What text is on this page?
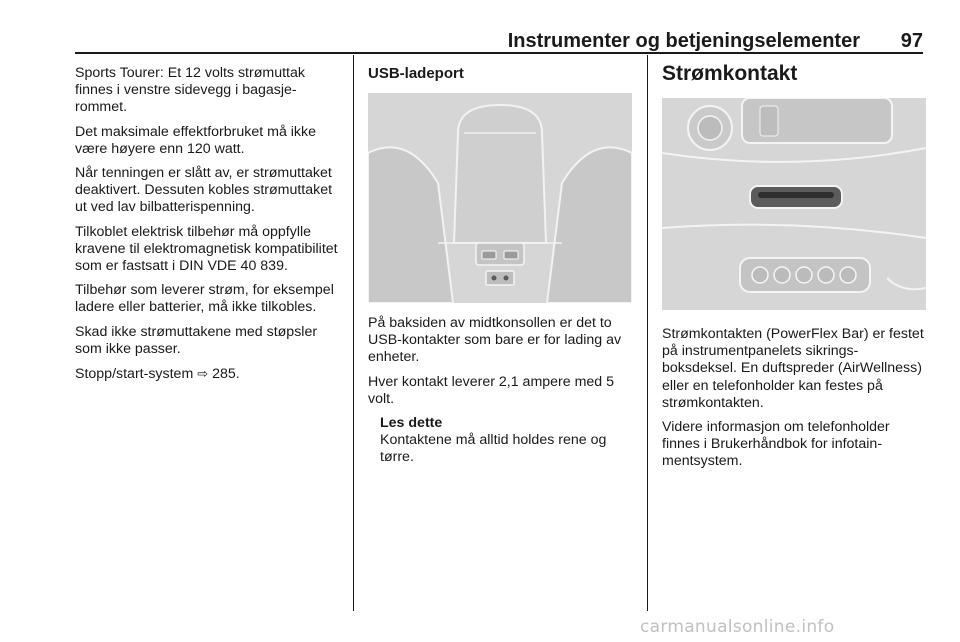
Instrumenter og betjeningselementer	97

Sports Tourer: Et 12 volts strømuttak finnes i venstre sidevegg i bagasjerommet.

Det maksimale effektforbruket må ikke være høyere enn 120 watt.

Når tenningen er slått av, er strømuttaket deaktivert. Dessuten kobles strømuttaket ut ved lav bilbatterispenning.

Tilkoblet elektrisk tilbehør må oppfylle kravene til elektromagnetisk kompatibilitet som er fastsatt i DIN VDE 40 839.

Tilbehør som leverer strøm, for eksempel ladere eller batterier, må ikke tilkobles.

Skad ikke strømuttakene med støpsler som ikke passer.

Stopp/start-system ⇨ 285.

USB-ladeport

På baksiden av midtkonsollen er det to USB-kontakter som bare er for lading av enheter.

Hver kontakt leverer 2,1 ampere med 5 volt.

Les dette
Kontaktene må alltid holdes rene og tørre.
Strømkontakt

Strømkontakten (PowerFlex Bar) er festet på instrumentpanelets sikringsboksdeksel. En duftspreder (AirWellness) eller en telefonholder kan festes på strømkontakten.

Videre informasjon om telefonholder finnes i Brukerhåndbok for infotainmentsystem.

carmanualsonline.info
